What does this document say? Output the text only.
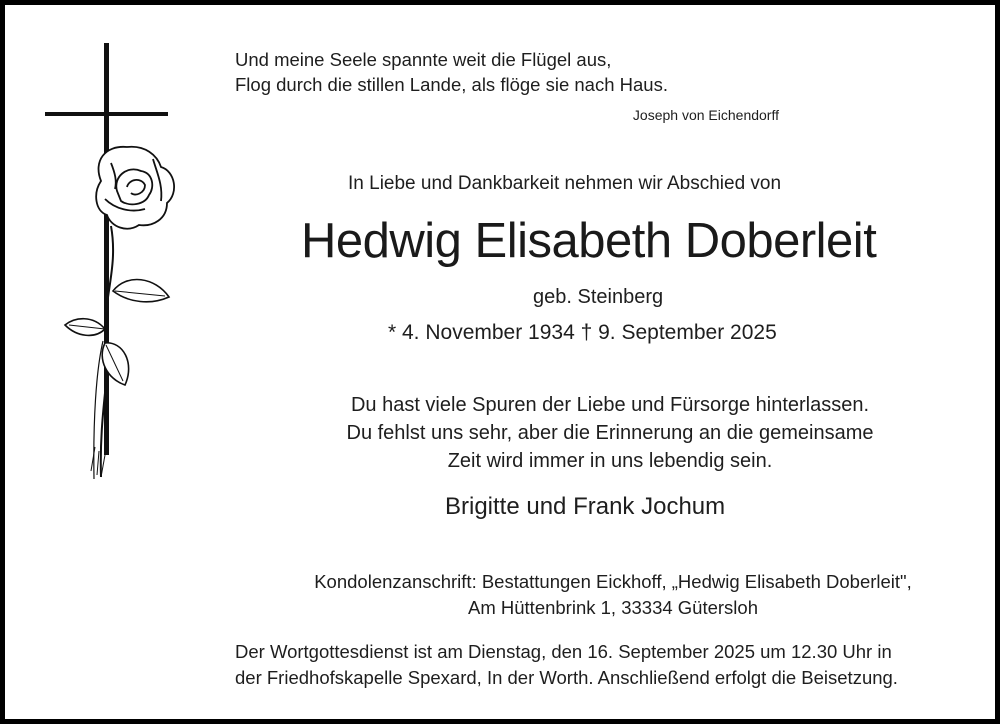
Und meine Seele spannte weit die Flügel aus,
Flog durch die stillen Lande, als flöge sie nach Haus.
Joseph von Eichendorff
In Liebe und Dankbarkeit nehmen wir Abschied von
Hedwig Elisabeth Doberleit
geb. Steinberg
* 4. November 1934 † 9. September 2025
Du hast viele Spuren der Liebe und Fürsorge hinterlassen.
Du fehlst uns sehr, aber die Erinnerung an die gemeinsame
Zeit wird immer in uns lebendig sein.
Brigitte und Frank Jochum
Kondolenzanschrift: Bestattungen Eickhoff, „Hedwig Elisabeth Doberleit",
Am Hüttenbrink 1, 33334 Gütersloh
Der Wortgottesdienst ist am Dienstag, den 16. September 2025 um 12.30 Uhr in
der Friedhofskapelle Spexard, In der Worth. Anschließend erfolgt die Beisetzung.
